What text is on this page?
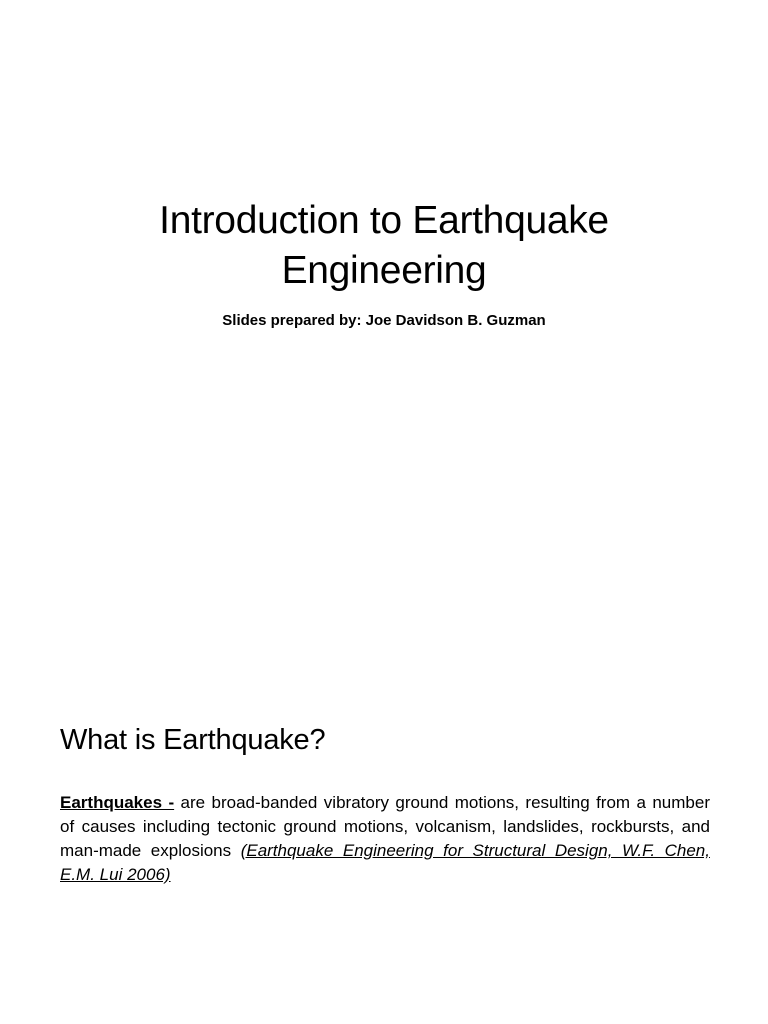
Introduction to Earthquake
Engineering

Slides prepared by: Joe Davidson B. Guzman

What is Earthquake?

Earthquakes - are broad-banded vibratory ground motions, resulting from a number of causes including tectonic ground motions, volcanism, landslides, rockbursts, and man-made explosions (Earthquake Engineering for Structural Design, W.F. Chen, E.M. Lui 2006)
